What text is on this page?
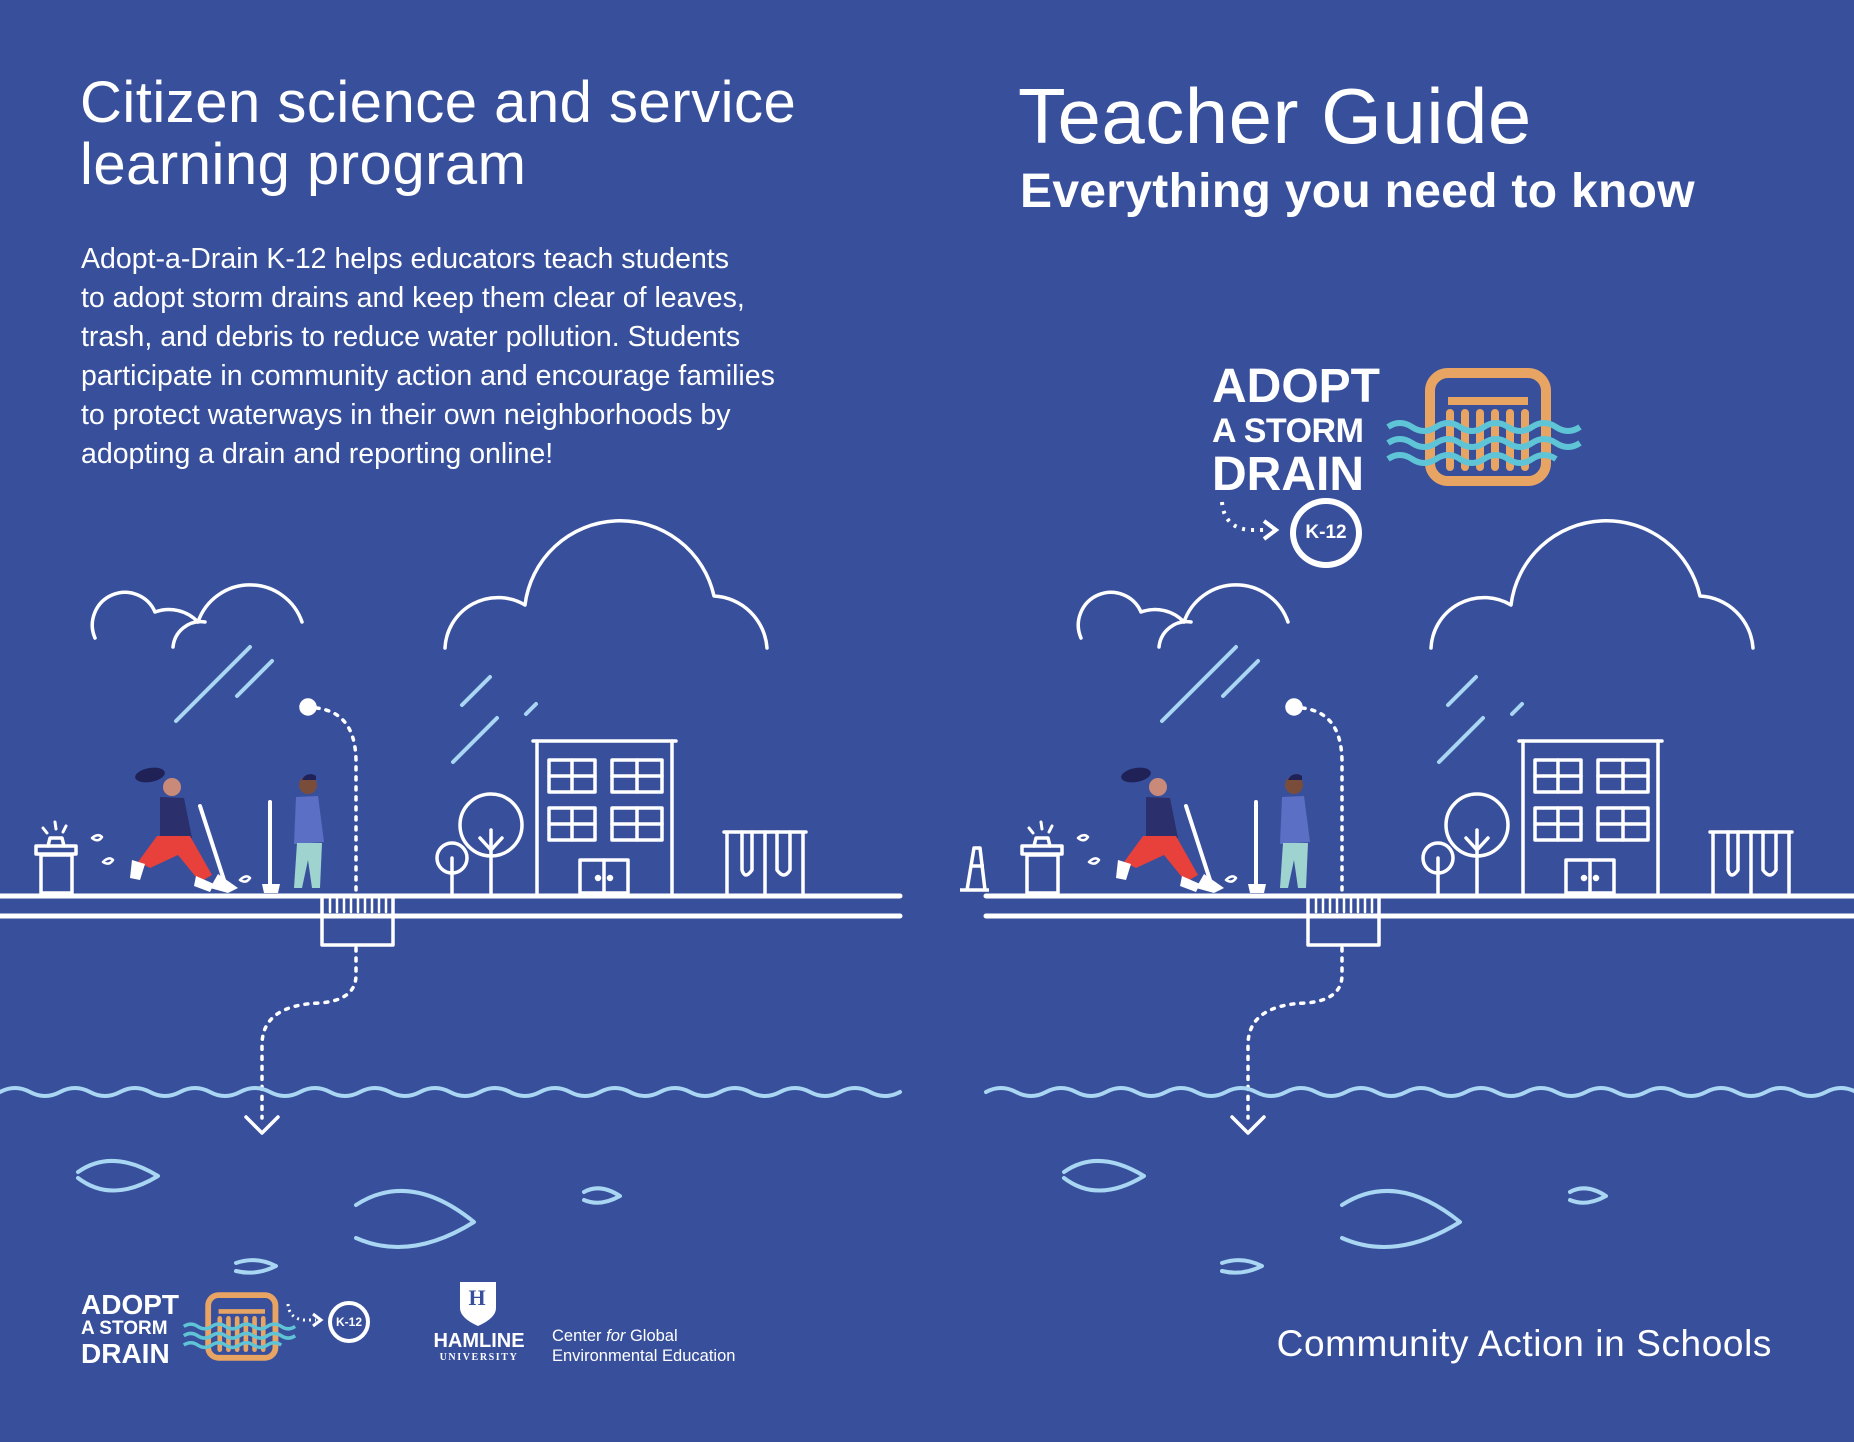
Citizen science and service
learning program
Adopt-a-Drain K-12 helps educators teach students
to adopt storm drains and keep them clear of leaves,
trash, and debris to reduce water pollution. Students
participate in community action and encourage families
to protect waterways in their own neighborhoods by
adopting a drain and reporting online!
Teacher Guide
Everything you need to know
ADOPT
A STORM
DRAIN
K-12
ADOPT
A STORM
DRAIN
K-12
H
HAMLINE
UNIVERSITY
Center for Global
Environmental Education	Community Action in Schools
